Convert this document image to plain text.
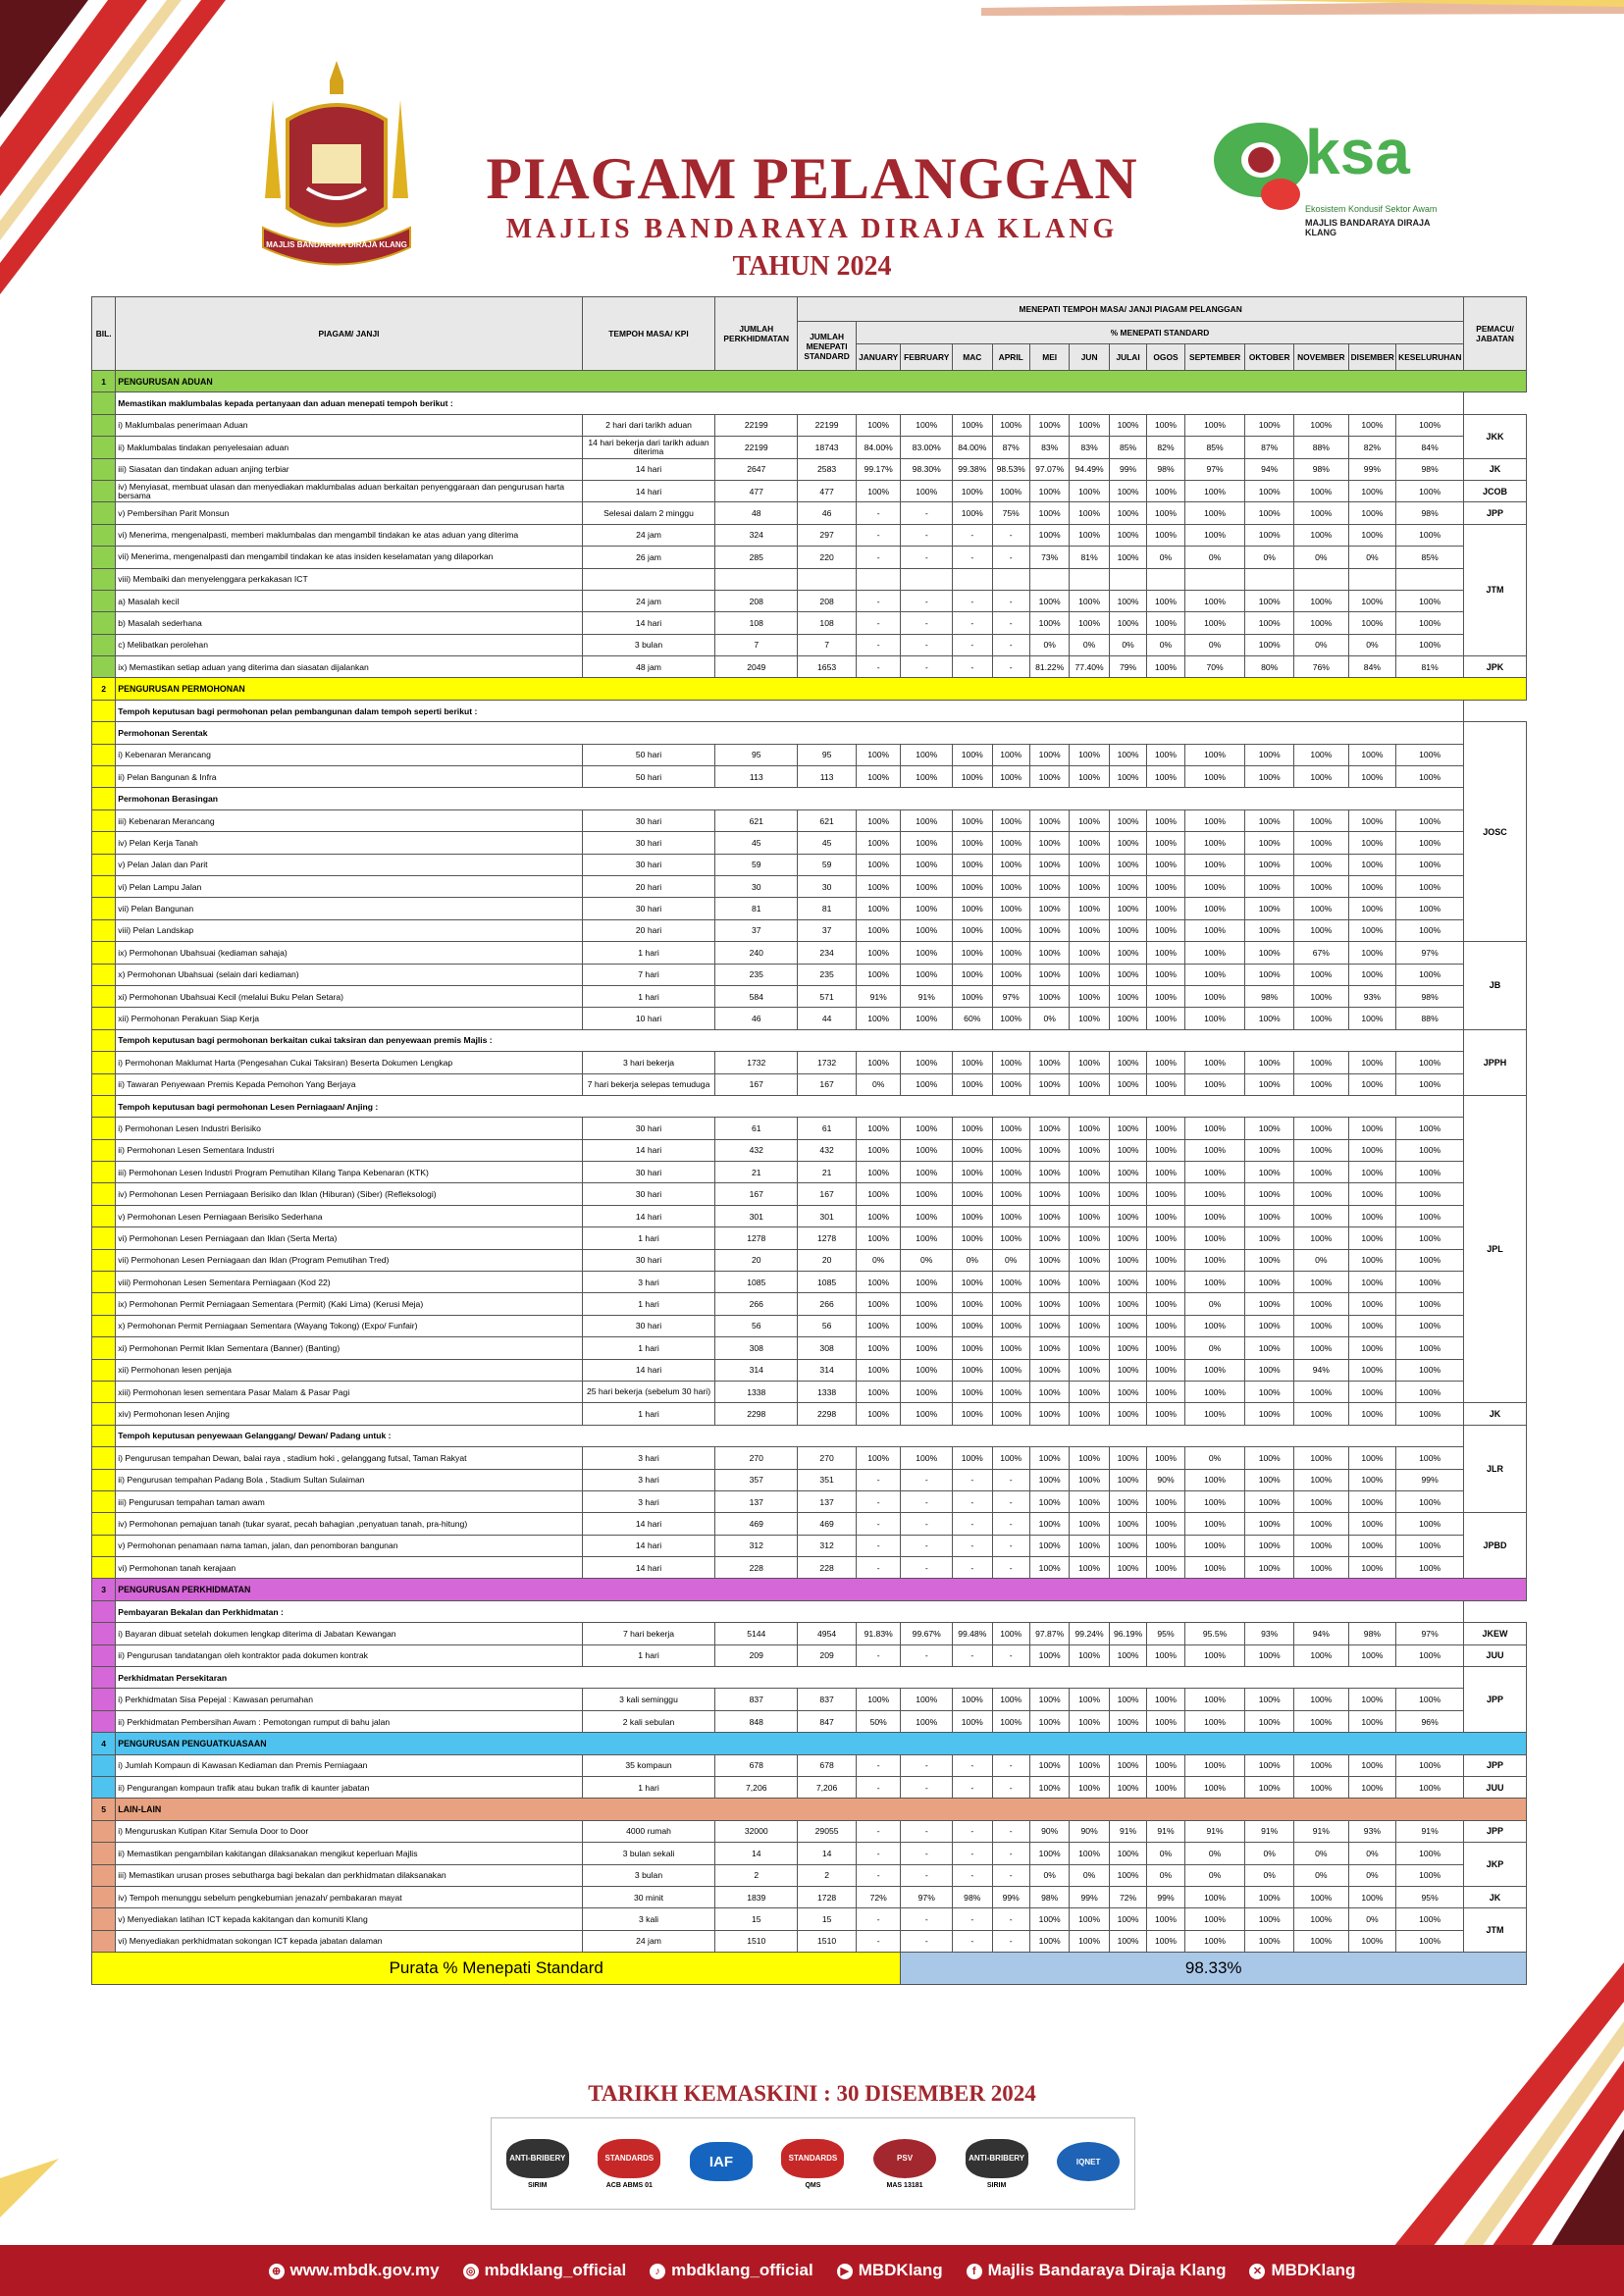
MAJLIS BANDARAYA DIRAJA KLANG
PIAGAM PELANGGAN
MAJLIS BANDARAYA DIRAJA KLANG
TAHUN 2024
ksa
Ekosistem Kondusif Sektor Awam
MAJLIS BANDARAYA DIRAJA KLANG
BIL.	PIAGAM/ JANJI	TEMPOH MASA/ KPI	JUMLAH PERKHIDMATAN	MENEPATI TEMPOH MASA/ JANJI PIAGAM PELANGGAN														PEMACU/ JABATAN
				JUMLAH MENEPATI STANDARD	% MENEPATI STANDARD													
					JANUARY	FEBRUARY	MAC	APRIL	MEI	JUN	JULAI	OGOS	SEPTEMBER	OKTOBER	NOVEMBER	DISEMBER	KESELURUHAN	
1	PENGURUSAN ADUAN																	
	Memastikan maklumbalas kepada pertanyaan dan aduan menepati tempoh berikut :																	
	i) Maklumbalas penerimaan Aduan	2 hari dari tarikh aduan	22199	22199	100%	100%	100%	100%	100%	100%	100%	100%	100%	100%	100%	100%	100%	JKK
	ii) Maklumbalas tindakan penyelesaian aduan	14 hari bekerja dari tarikh aduan diterima	22199	18743	84.00%	83.00%	84.00%	87%	83%	83%	85%	82%	85%	87%	88%	82%	84%	
	iii) Siasatan dan tindakan aduan anjing terbiar	14 hari	2647	2583	99.17%	98.30%	99.38%	98.53%	97.07%	94.49%	99%	98%	97%	94%	98%	99%	98%	JK
	iv) Menyiasat, membuat ulasan dan menyediakan maklumbalas aduan berkaitan penyenggaraan dan pengurusan harta bersama	14 hari	477	477	100%	100%	100%	100%	100%	100%	100%	100%	100%	100%	100%	100%	100%	JCOB
	v) Pembersihan Parit Monsun	Selesai dalam 2 minggu	48	46	-	-	100%	75%	100%	100%	100%	100%	100%	100%	100%	100%	98%	JPP
	vi) Menerima, mengenalpasti, memberi maklumbalas dan mengambil tindakan ke atas aduan yang diterima	24 jam	324	297	-	-	-	-	100%	100%	100%	100%	100%	100%	100%	100%	100%	JTM
	vii) Menerima, mengenalpasti dan mengambil tindakan ke atas insiden keselamatan yang dilaporkan	26 jam	285	220	-	-	-	-	73%	81%	100%	0%	0%	0%	0%	0%	85%	
	viii) Membaiki dan menyelenggara perkakasan ICT																	
	a) Masalah kecil	24 jam	208	208	-	-	-	-	100%	100%	100%	100%	100%	100%	100%	100%	100%	
	b) Masalah sederhana	14 hari	108	108	-	-	-	-	100%	100%	100%	100%	100%	100%	100%	100%	100%	
	c) Melibatkan perolehan	3 bulan	7	7	-	-	-	-	0%	0%	0%	0%	0%	100%	0%	0%	100%	
	ix) Memastikan setiap aduan yang diterima dan siasatan dijalankan	48 jam	2049	1653	-	-	-	-	81.22%	77.40%	79%	100%	70%	80%	76%	84%	81%	JPK
2	PENGURUSAN PERMOHONAN																	
	Tempoh keputusan bagi permohonan pelan pembangunan dalam tempoh seperti berikut :																	
	Permohonan Serentak																	JOSC
	i) Kebenaran Merancang	50 hari	95	95	100%	100%	100%	100%	100%	100%	100%	100%	100%	100%	100%	100%	100%	
	ii) Pelan Bangunan & Infra	50 hari	113	113	100%	100%	100%	100%	100%	100%	100%	100%	100%	100%	100%	100%	100%	
	Permohonan Berasingan																	
	iii) Kebenaran Merancang	30 hari	621	621	100%	100%	100%	100%	100%	100%	100%	100%	100%	100%	100%	100%	100%	
	iv) Pelan Kerja Tanah	30 hari	45	45	100%	100%	100%	100%	100%	100%	100%	100%	100%	100%	100%	100%	100%	
	v) Pelan Jalan dan Parit	30 hari	59	59	100%	100%	100%	100%	100%	100%	100%	100%	100%	100%	100%	100%	100%	
	vi) Pelan Lampu Jalan	20 hari	30	30	100%	100%	100%	100%	100%	100%	100%	100%	100%	100%	100%	100%	100%	
	vii) Pelan Bangunan	30 hari	81	81	100%	100%	100%	100%	100%	100%	100%	100%	100%	100%	100%	100%	100%	
	viii) Pelan Landskap	20 hari	37	37	100%	100%	100%	100%	100%	100%	100%	100%	100%	100%	100%	100%	100%	
	ix) Permohonan Ubahsuai (kediaman sahaja)	1 hari	240	234	100%	100%	100%	100%	100%	100%	100%	100%	100%	100%	67%	100%	97%	JB
	x) Permohonan Ubahsuai (selain dari kediaman)	7 hari	235	235	100%	100%	100%	100%	100%	100%	100%	100%	100%	100%	100%	100%	100%	
	xi) Permohonan Ubahsuai Kecil (melalui Buku Pelan Setara)	1 hari	584	571	91%	91%	100%	97%	100%	100%	100%	100%	100%	98%	100%	93%	98%	
	xii) Permohonan Perakuan Siap Kerja	10 hari	46	44	100%	100%	60%	100%	0%	100%	100%	100%	100%	100%	100%	100%	88%	
	Tempoh keputusan bagi permohonan berkaitan cukai taksiran dan penyewaan premis Majlis :																	JPPH
	i) Permohonan Maklumat Harta (Pengesahan Cukai Taksiran) Beserta Dokumen Lengkap	3 hari bekerja	1732	1732	100%	100%	100%	100%	100%	100%	100%	100%	100%	100%	100%	100%	100%	
	ii) Tawaran Penyewaan Premis Kepada Pemohon Yang Berjaya	7 hari bekerja selepas temuduga	167	167	0%	100%	100%	100%	100%	100%	100%	100%	100%	100%	100%	100%	100%	
	Tempoh keputusan bagi permohonan Lesen Perniagaan/ Anjing :																	JPL
	i) Permohonan Lesen Industri Berisiko	30 hari	61	61	100%	100%	100%	100%	100%	100%	100%	100%	100%	100%	100%	100%	100%	
	ii) Permohonan Lesen Sementara Industri	14 hari	432	432	100%	100%	100%	100%	100%	100%	100%	100%	100%	100%	100%	100%	100%	
	iii) Permohonan Lesen Industri Program Pemutihan Kilang Tanpa Kebenaran (KTK)	30 hari	21	21	100%	100%	100%	100%	100%	100%	100%	100%	100%	100%	100%	100%	100%	
	iv) Permohonan Lesen Perniagaan Berisiko dan Iklan (Hiburan) (Siber) (Refleksologi)	30 hari	167	167	100%	100%	100%	100%	100%	100%	100%	100%	100%	100%	100%	100%	100%	
	v) Permohonan Lesen Perniagaan Berisiko Sederhana	14 hari	301	301	100%	100%	100%	100%	100%	100%	100%	100%	100%	100%	100%	100%	100%	
	vi) Permohonan Lesen Perniagaan dan Iklan (Serta Merta)	1 hari	1278	1278	100%	100%	100%	100%	100%	100%	100%	100%	100%	100%	100%	100%	100%	
	vii) Permohonan Lesen Perniagaan dan Iklan (Program Pemutihan Tred)	30 hari	20	20	0%	0%	0%	0%	100%	100%	100%	100%	100%	100%	0%	100%	100%	
	viii) Permohonan Lesen Sementara Perniagaan (Kod 22)	3 hari	1085	1085	100%	100%	100%	100%	100%	100%	100%	100%	100%	100%	100%	100%	100%	
	ix) Permohonan Permit Perniagaan Sementara (Permit) (Kaki Lima) (Kerusi Meja)	1 hari	266	266	100%	100%	100%	100%	100%	100%	100%	100%	0%	100%	100%	100%	100%	
	x) Permohonan Permit Perniagaan Sementara (Wayang Tokong) (Expo/ Funfair)	30 hari	56	56	100%	100%	100%	100%	100%	100%	100%	100%	100%	100%	100%	100%	100%	
	xi) Permohonan Permit Iklan Sementara (Banner) (Banting)	1 hari	308	308	100%	100%	100%	100%	100%	100%	100%	100%	0%	100%	100%	100%	100%	
	xii) Permohonan lesen penjaja	14 hari	314	314	100%	100%	100%	100%	100%	100%	100%	100%	100%	100%	94%	100%	100%	
	xiii) Permohonan lesen sementara Pasar Malam & Pasar Pagi	25 hari bekerja (sebelum 30 hari)	1338	1338	100%	100%	100%	100%	100%	100%	100%	100%	100%	100%	100%	100%	100%	
	xiv) Permohonan lesen Anjing	1 hari	2298	2298	100%	100%	100%	100%	100%	100%	100%	100%	100%	100%	100%	100%	100%	JK
	Tempoh keputusan penyewaan Gelanggang/ Dewan/ Padang untuk :																	JLR
	i) Pengurusan tempahan Dewan, balai raya , stadium hoki , gelanggang futsal, Taman Rakyat	3 hari	270	270	100%	100%	100%	100%	100%	100%	100%	100%	0%	100%	100%	100%	100%	
	ii) Pengurusan tempahan Padang Bola , Stadium Sultan Sulaiman	3 hari	357	351	-	-	-	-	100%	100%	100%	90%	100%	100%	100%	100%	99%	
	iii) Pengurusan tempahan taman awam	3 hari	137	137	-	-	-	-	100%	100%	100%	100%	100%	100%	100%	100%	100%	
	iv) Permohonan pemajuan tanah (tukar syarat, pecah bahagian ,penyatuan tanah, pra-hitung)	14 hari	469	469	-	-	-	-	100%	100%	100%	100%	100%	100%	100%	100%	100%	JPBD
	v) Permohonan penamaan nama taman, jalan, dan penomboran bangunan	14 hari	312	312	-	-	-	-	100%	100%	100%	100%	100%	100%	100%	100%	100%	
	vi) Permohonan tanah kerajaan	14 hari	228	228	-	-	-	-	100%	100%	100%	100%	100%	100%	100%	100%	100%	
3	PENGURUSAN PERKHIDMATAN																	
	Pembayaran Bekalan dan Perkhidmatan :																	
	i) Bayaran dibuat setelah dokumen lengkap diterima di Jabatan Kewangan	7 hari bekerja	5144	4954	91.83%	99.67%	99.48%	100%	97.87%	99.24%	96.19%	95%	95.5%	93%	94%	98%	97%	JKEW
	ii) Pengurusan tandatangan oleh kontraktor pada dokumen kontrak	1 hari	209	209	-	-	-	-	100%	100%	100%	100%	100%	100%	100%	100%	100%	JUU
	Perkhidmatan Persekitaran																	JPP
	i) Perkhidmatan Sisa Pepejal : Kawasan perumahan	3 kali seminggu	837	837	100%	100%	100%	100%	100%	100%	100%	100%	100%	100%	100%	100%	100%	
	ii) Perkhidmatan Pembersihan Awam : Pemotongan rumput di bahu jalan	2 kali sebulan	848	847	50%	100%	100%	100%	100%	100%	100%	100%	100%	100%	100%	100%	96%	
4	PENGURUSAN PENGUATKUASAAN																	
	i) Jumlah Kompaun di Kawasan Kediaman dan Premis Perniagaan	35 kompaun	678	678	-	-	-	-	100%	100%	100%	100%	100%	100%	100%	100%	100%	JPP
	ii) Pengurangan kompaun trafik atau bukan trafik di kaunter jabatan	1 hari	7,206	7,206	-	-	-	-	100%	100%	100%	100%	100%	100%	100%	100%	100%	JUU
5	LAIN-LAIN																	
	i) Menguruskan Kutipan Kitar Semula Door to Door	4000 rumah	32000	29055	-	-	-	-	90%	90%	91%	91%	91%	91%	91%	93%	91%	JPP
	ii) Memastikan pengambilan kakitangan dilaksanakan mengikut keperluan Majlis	3 bulan sekali	14	14	-	-	-	-	100%	100%	100%	0%	0%	0%	0%	0%	100%	JKP
	iii) Memastikan urusan proses sebutharga bagi bekalan dan perkhidmatan dilaksanakan	3 bulan	2	2	-	-	-	-	0%	0%	100%	0%	0%	0%	0%	0%	100%	
	iv) Tempoh menunggu sebelum pengkebumian jenazah/ pembakaran mayat	30 minit	1839	1728	72%	97%	98%	99%	98%	99%	72%	99%	100%	100%	100%	100%	95%	JK
	v) Menyediakan latihan ICT kepada kakitangan dan komuniti Klang	3 kali	15	15	-	-	-	-	100%	100%	100%	100%	100%	100%	100%	0%	100%	JTM
	vi) Menyediakan perkhidmatan sokongan ICT kepada jabatan dalaman	24 jam	1510	1510	-	-	-	-	100%	100%	100%	100%	100%	100%	100%	100%	100%	
Purata % Menepati Standard						98.33%												
TARIKH KEMASKINI : 30 DISEMBER 2024
ANTI-BRIBERY
SIRIM
STANDARDS
ACB ABMS 01
IAF	STANDARDS
QMS
PSV
MAS 13181
ANTI-BRIBERY
SIRIM
IQNET
⊕ www.mbdk.gov.my ◎ mbdklang_official	♪ mbdklang_official	▶ MBDKlang	f Majlis Bandaraya Diraja Klang	✕ MBDKlang
